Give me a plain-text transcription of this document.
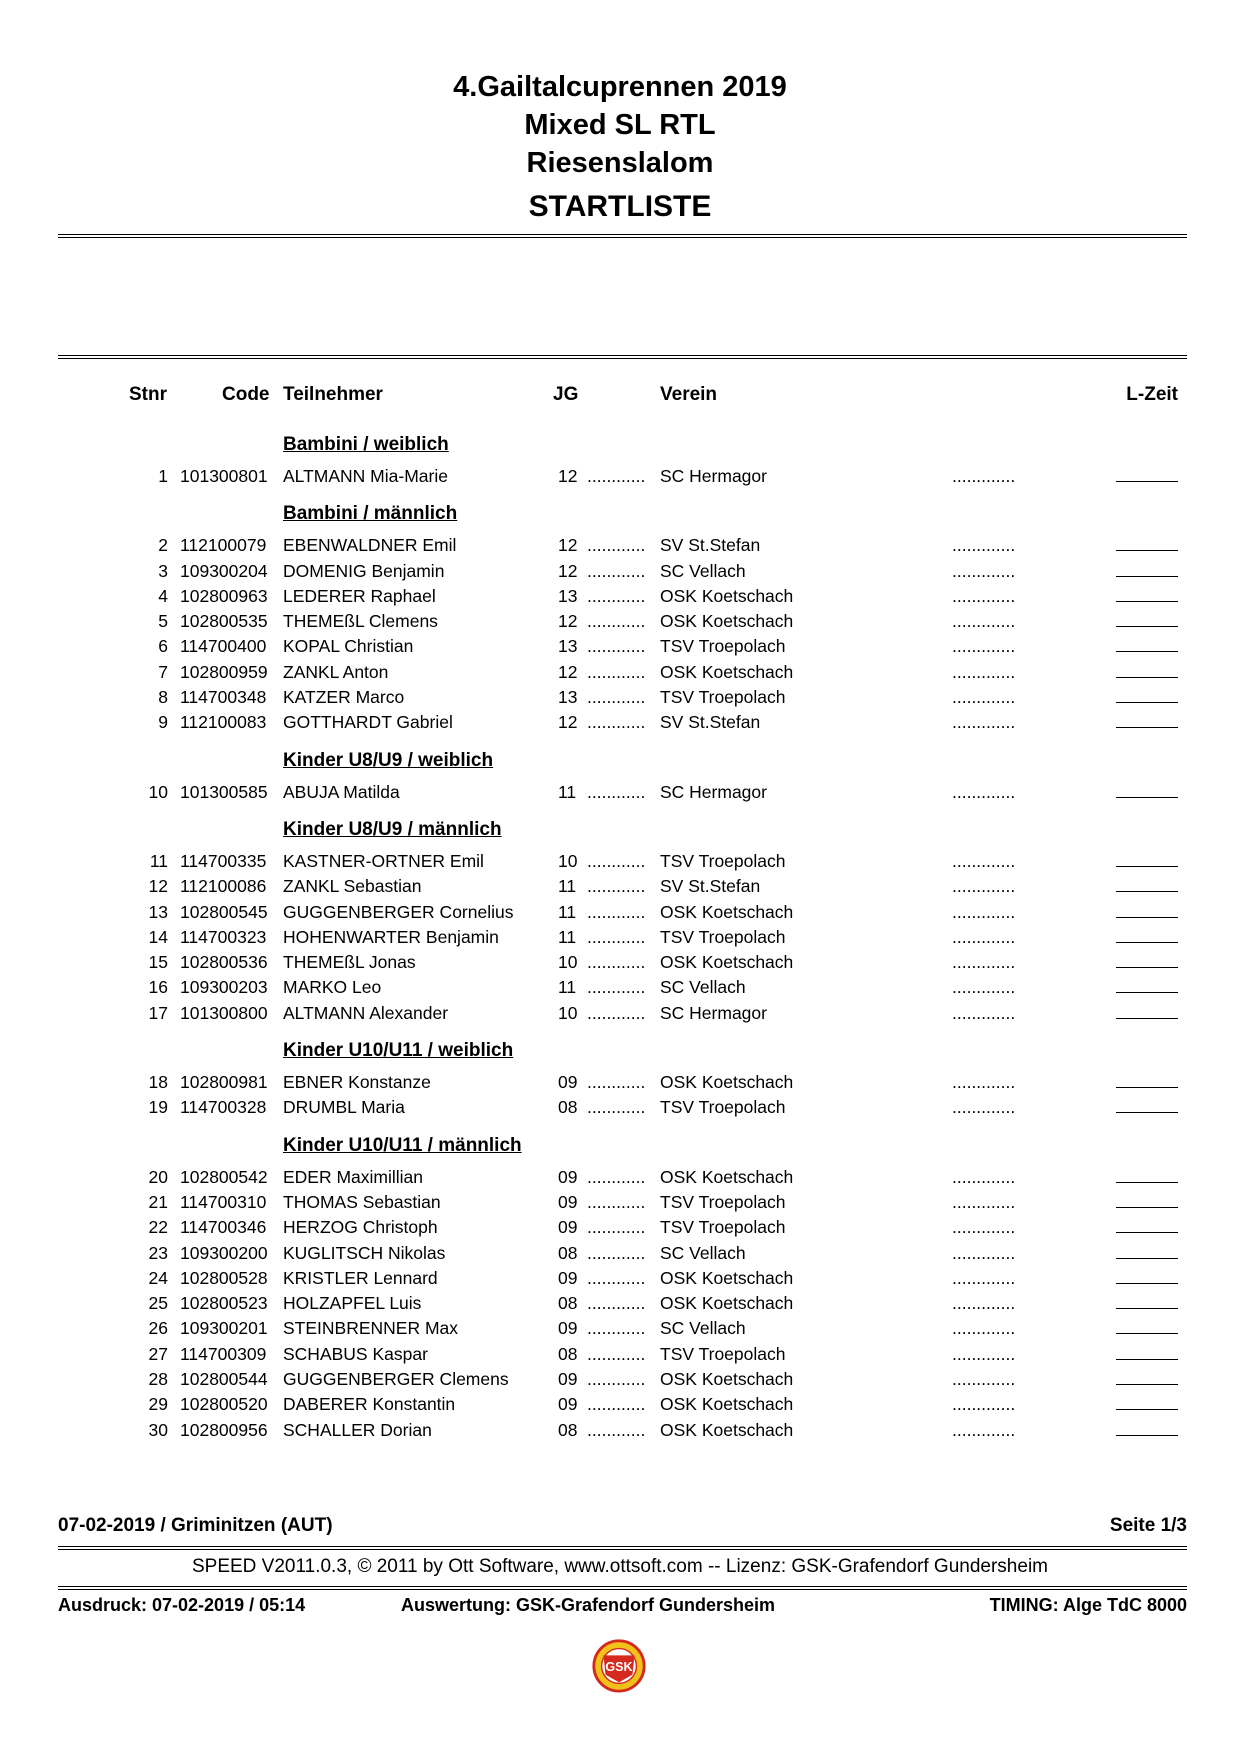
4.Gailtalcuprennen 2019
Mixed SL RTL
Riesenslalom
STARTLISTE
Stnr	Code Teilnehmer	JG	Verein	L-Zeit
Bambini / weiblich
1 101300801 ALTMANN Mia-Marie	12 ............ SC Hermagor	.............
Bambini / männlich
2 112100079 EBENWALDNER Emil	12 ............ SV St.Stefan	.............
3 109300204 DOMENIG Benjamin	12 ............ SC Vellach	.............
4 102800963 LEDERER Raphael	13 ............ OSK Koetschach	.............
5 102800535 THEMEßL Clemens	12 ............ OSK Koetschach	.............
6 114700400 KOPAL Christian	13 ............ TSV Troepolach	.............
7 102800959 ZANKL Anton	12 ............ OSK Koetschach	.............
8 114700348 KATZER Marco	13 ............ TSV Troepolach	.............
9 112100083 GOTTHARDT Gabriel	12 ............ SV St.Stefan	.............
Kinder U8/U9 / weiblich
10 101300585 ABUJA Matilda	11 ............ SC Hermagor	.............
Kinder U8/U9 / männlich
11 114700335 KASTNER-ORTNER Emil	10 ............ TSV Troepolach	.............
12 112100086 ZANKL Sebastian	11 ............ SV St.Stefan	.............
13 102800545 GUGGENBERGER Cornelius	11 ............ OSK Koetschach	.............
14 114700323 HOHENWARTER Benjamin	11 ............ TSV Troepolach	.............
15 102800536 THEMEßL Jonas	10 ............ OSK Koetschach	.............
16 109300203 MARKO Leo	11 ............ SC Vellach	.............
17 101300800 ALTMANN Alexander	10 ............ SC Hermagor	.............
Kinder U10/U11 / weiblich
18 102800981 EBNER Konstanze	09 ............ OSK Koetschach	.............
19 114700328 DRUMBL Maria	08 ............ TSV Troepolach	.............
Kinder U10/U11 / männlich
20 102800542 EDER Maximillian	09 ............ OSK Koetschach	.............
21 114700310 THOMAS Sebastian	09 ............ TSV Troepolach	.............
22 114700346 HERZOG Christoph	09 ............ TSV Troepolach	.............
23 109300200 KUGLITSCH Nikolas	08 ............ SC Vellach	.............
24 102800528 KRISTLER Lennard	09 ............ OSK Koetschach	.............
25 102800523 HOLZAPFEL Luis	08 ............ OSK Koetschach	.............
26 109300201 STEINBRENNER Max	09 ............ SC Vellach	.............
27 114700309 SCHABUS Kaspar	08 ............ TSV Troepolach	.............
28 102800544 GUGGENBERGER Clemens	09 ............ OSK Koetschach	.............
29 102800520 DABERER Konstantin	09 ............ OSK Koetschach	.............
30 102800956 SCHALLER Dorian	08 ............ OSK Koetschach	.............
07-02-2019 / Griminitzen (AUT)	Seite 1/3
SPEED V2011.0.3, © 2011 by Ott Software, www.ottsoft.com -- Lizenz: GSK-Grafendorf Gundersheim
Ausdruck: 07-02-2019 / 05:14	Auswertung: GSK-Grafendorf Gundersheim	TIMING: Alge TdC 8000
GSK
